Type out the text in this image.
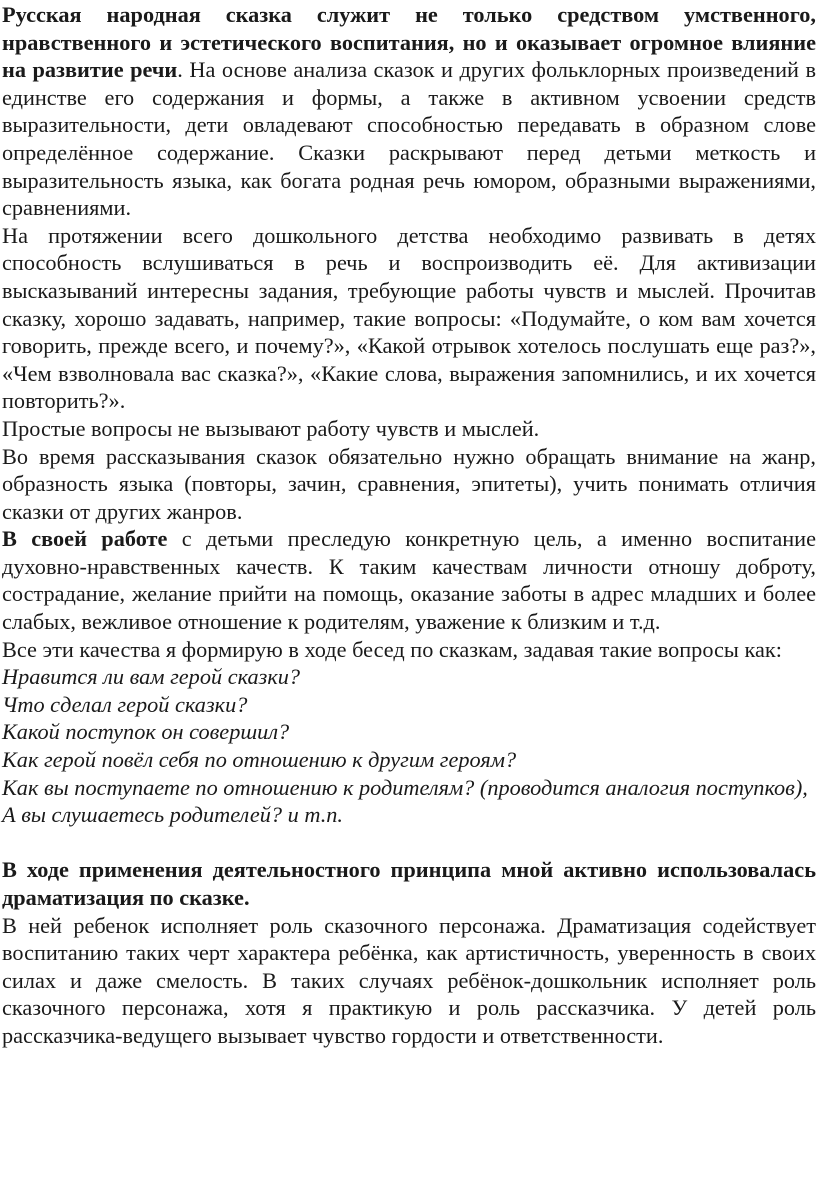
Русская народная сказка служит не только средством умственного, нравственного и эстетического воспитания, но и оказывает огромное влияние на развитие речи. На основе анализа сказок и других фольклорных произведений в единстве его содержания и формы, а также в активном усвоении средств выразительности, дети овладевают способностью передавать в образном слове определённое содержание. Сказки раскрывают перед детьми меткость и выразительность языка, как богата родная речь юмором, образными выражениями, сравнениями.

На протяжении всего дошкольного детства необходимо развивать в детях способность вслушиваться в речь и воспроизводить её. Для активизации высказываний интересны задания, требующие работы чувств и мыслей. Прочитав сказку, хорошо задавать, например, такие вопросы: «Подумайте, о ком вам хочется говорить, прежде всего, и почему?», «Какой отрывок хотелось послушать еще раз?», «Чем взволновала вас сказка?», «Какие слова, выражения запомнились, и их хочется повторить?».

Простые вопросы не вызывают работу чувств и мыслей.

Во время рассказывания сказок обязательно нужно обращать внимание на жанр, образность языка (повторы, зачин, сравнения, эпитеты), учить понимать отличия сказки от других жанров.

В своей работе с детьми преследую конкретную цель, а именно воспитание духовно-нравственных качеств. К таким качествам личности отношу доброту, сострадание, желание прийти на помощь, оказание заботы в адрес младших и более слабых, вежливое отношение к родителям, уважение к близким и т.д.

Все эти качества я формирую в ходе бесед по сказкам, задавая такие вопросы как:

Нравится ли вам герой сказки?

Что сделал герой сказки?

Какой поступок он совершил?

Как герой повёл себя по отношению к другим героям?

Как вы поступаете по отношению к родителям? (проводится аналогия поступков),

А вы слушаетесь родителей? и т.п.

В ходе применения деятельностного принципа мной активно использовалась драматизация по сказке.

В ней ребенок исполняет роль сказочного персонажа. Драматизация содействует воспитанию таких черт характера ребёнка, как артистичность, уверенность в своих силах и даже смелость. В таких случаях ребёнок-дошкольник исполняет роль сказочного персонажа, хотя я практикую и роль рассказчика. У детей роль рассказчика-ведущего вызывает чувство гордости и ответственности.
